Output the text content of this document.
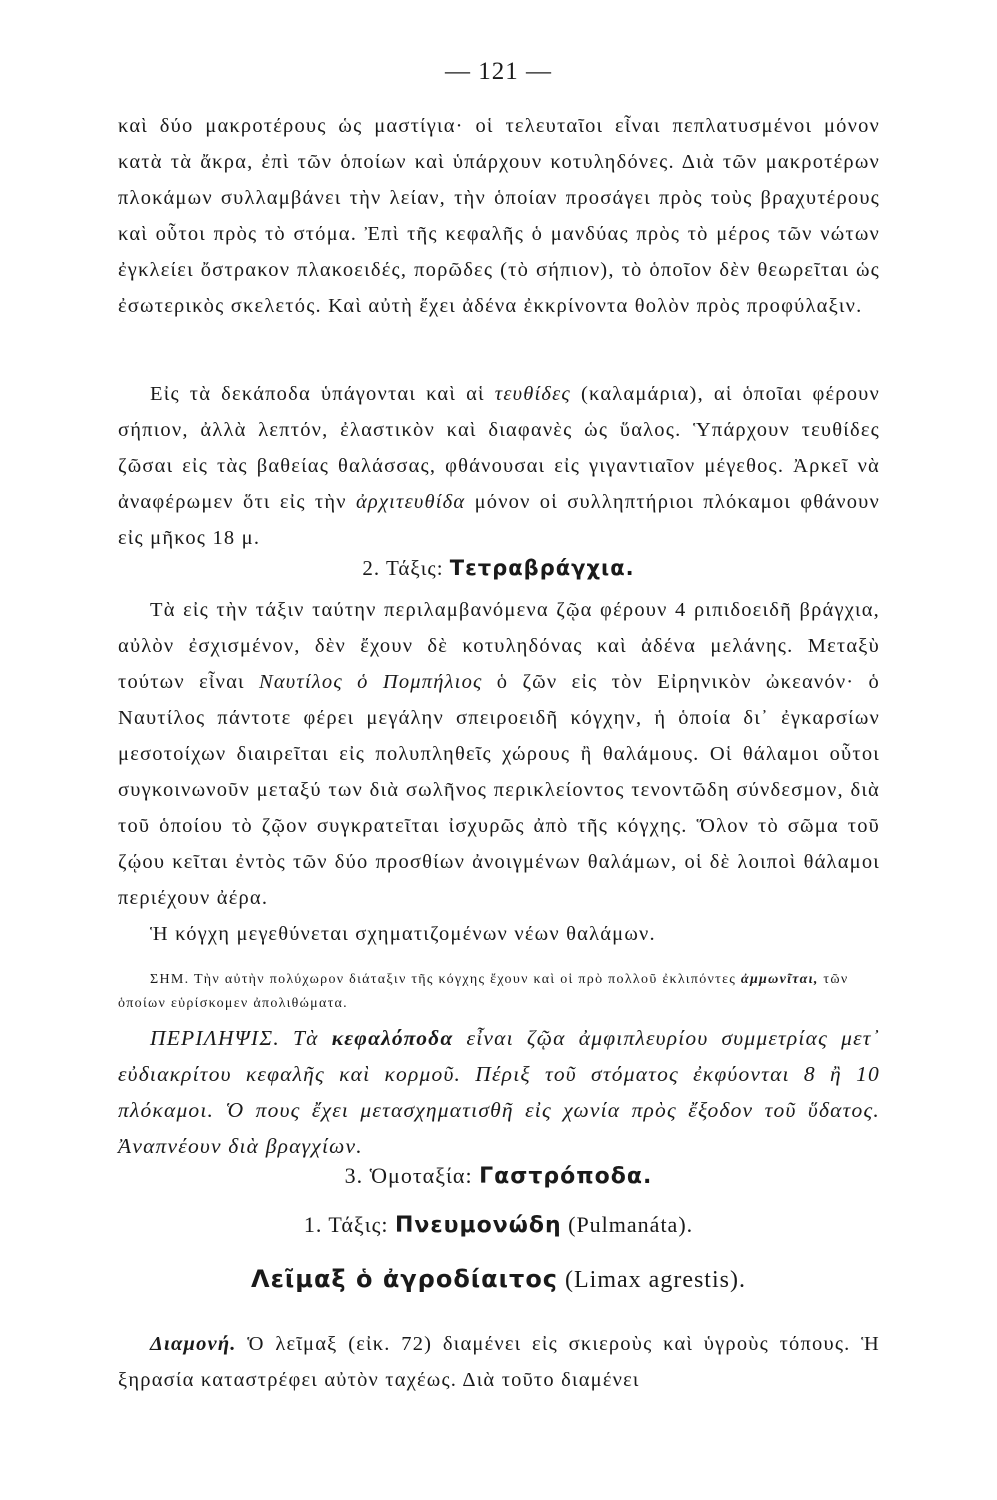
— 121 —

καὶ δύο μακροτέρους ὡς μαστίγια· οἱ τελευταῖοι εἶναι πεπλατυσμένοι μόνον κατὰ τὰ ἄκρα, ἐπὶ τῶν ὁποίων καὶ ὑπάρχουν κοτυληδόνες. Διὰ τῶν μακροτέρων πλοκάμων συλλαμβάνει τὴν λείαν, τὴν ὁποίαν προσάγει πρὸς τοὺς βραχυτέρους καὶ οὗτοι πρὸς τὸ στόμα. Ἐπὶ τῆς κεφαλῆς ὁ μανδύας πρὸς τὸ μέρος τῶν νώτων ἐγκλείει ὄστρακον πλακοειδές, πορῶδες (τὸ σήπιον), τὸ ὁποῖον δὲν θεωρεῖται ὡς ἐσωτερικὸς σκελετός. Καὶ αὐτὴ ἔχει ἀδένα ἐκκρίνοντα θολὸν πρὸς προφύλαξιν.

Εἰς τὰ δεκάποδα ὑπάγονται καὶ αἱ τευθίδες (καλαμάρια), αἱ ὁποῖαι φέρουν σήπιον, ἀλλὰ λεπτόν, ἐλαστικὸν καὶ διαφανὲς ὡς ὕαλος. Ὑπάρχουν τευθίδες ζῶσαι εἰς τὰς βαθείας θαλάσσας, φθάνουσαι εἰς γιγαντιαῖον μέγεθος. Ἀρκεῖ νὰ ἀναφέρωμεν ὅτι εἰς τὴν ἀρχιτευθίδα μόνον οἱ συλληπτήριοι πλόκαμοι φθάνουν εἰς μῆκος 18 μ.

2. Τάξις: Τετραβράγχια.

Τὰ εἰς τὴν τάξιν ταύτην περιλαμβανόμενα ζῷα φέρουν 4 ριπιδοειδῆ βράγχια, αὐλὸν ἐσχισμένον, δὲν ἔχουν δὲ κοτυληδόνας καὶ ἀδένα μελάνης. Μεταξὺ τούτων εἶναι Ναυτίλος ὁ Πομπήλιος ὁ ζῶν εἰς τὸν Εἰρηνικὸν ὠκεανόν· ὁ Ναυτίλος πάντοτε φέρει μεγάλην σπειροειδῆ κόγχην, ἡ ὁποία δι᾽ ἐγκαρσίων μεσοτοίχων διαιρεῖται εἰς πολυπληθεῖς χώρους ἢ θαλάμους. Οἱ θάλαμοι οὗτοι συγκοινωνοῦν μεταξύ των διὰ σωλῆνος περικλείοντος τενοντῶδη σύνδεσμον, διὰ τοῦ ὁποίου τὸ ζῷον συγκρατεῖται ἰσχυρῶς ἀπὸ τῆς κόγχης. Ὅλον τὸ σῶμα τοῦ ζῴου κεῖται ἐντὸς τῶν δύο προσθίων ἀνοιγμένων θαλάμων, οἱ δὲ λοιποὶ θάλαμοι περιέχουν ἀέρα.

Ἡ κόγχη μεγεθύνεται σχηματιζομένων νέων θαλάμων.

ΣΗΜ. Τὴν αὐτὴν πολύχωρον διάταξιν τῆς κόγχης ἔχουν καὶ οἱ πρὸ πολλοῦ ἐκλιπόντες ἀμμωνῖται, τῶν ὁποίων εὑρίσκομεν ἀπολιθώματα.

ΠΕΡΙΛΗΨΙΣ. Τὰ κεφαλόποδα εἶναι ζῷα ἀμφιπλευρίου συμμετρίας μετ᾽ εὐδιακρίτου κεφαλῆς καὶ κορμοῦ. Πέριξ τοῦ στόματος ἐκφύονται 8 ἢ 10 πλόκαμοι. Ὁ πους ἔχει μετασχηματισθῆ εἰς χωνία πρὸς ἔξοδον τοῦ ὕδατος. Ἀναπνέουν διὰ βραγχίων.

3. Ὁμοταξία: Γαστρόποδα.
1. Τάξις: Πνευμονώδη (Pulmanáta).
Λεῖμαξ ὁ ἀγροδίαιτος (Limax agrestis).

Διαμονή. Ὁ λεῖμαξ (εἰκ. 72) διαμένει εἰς σκιεροὺς καὶ ὑγροὺς τόπους. Ἡ ξηρασία καταστρέφει αὐτὸν ταχέως. Διὰ τοῦτο διαμένει
